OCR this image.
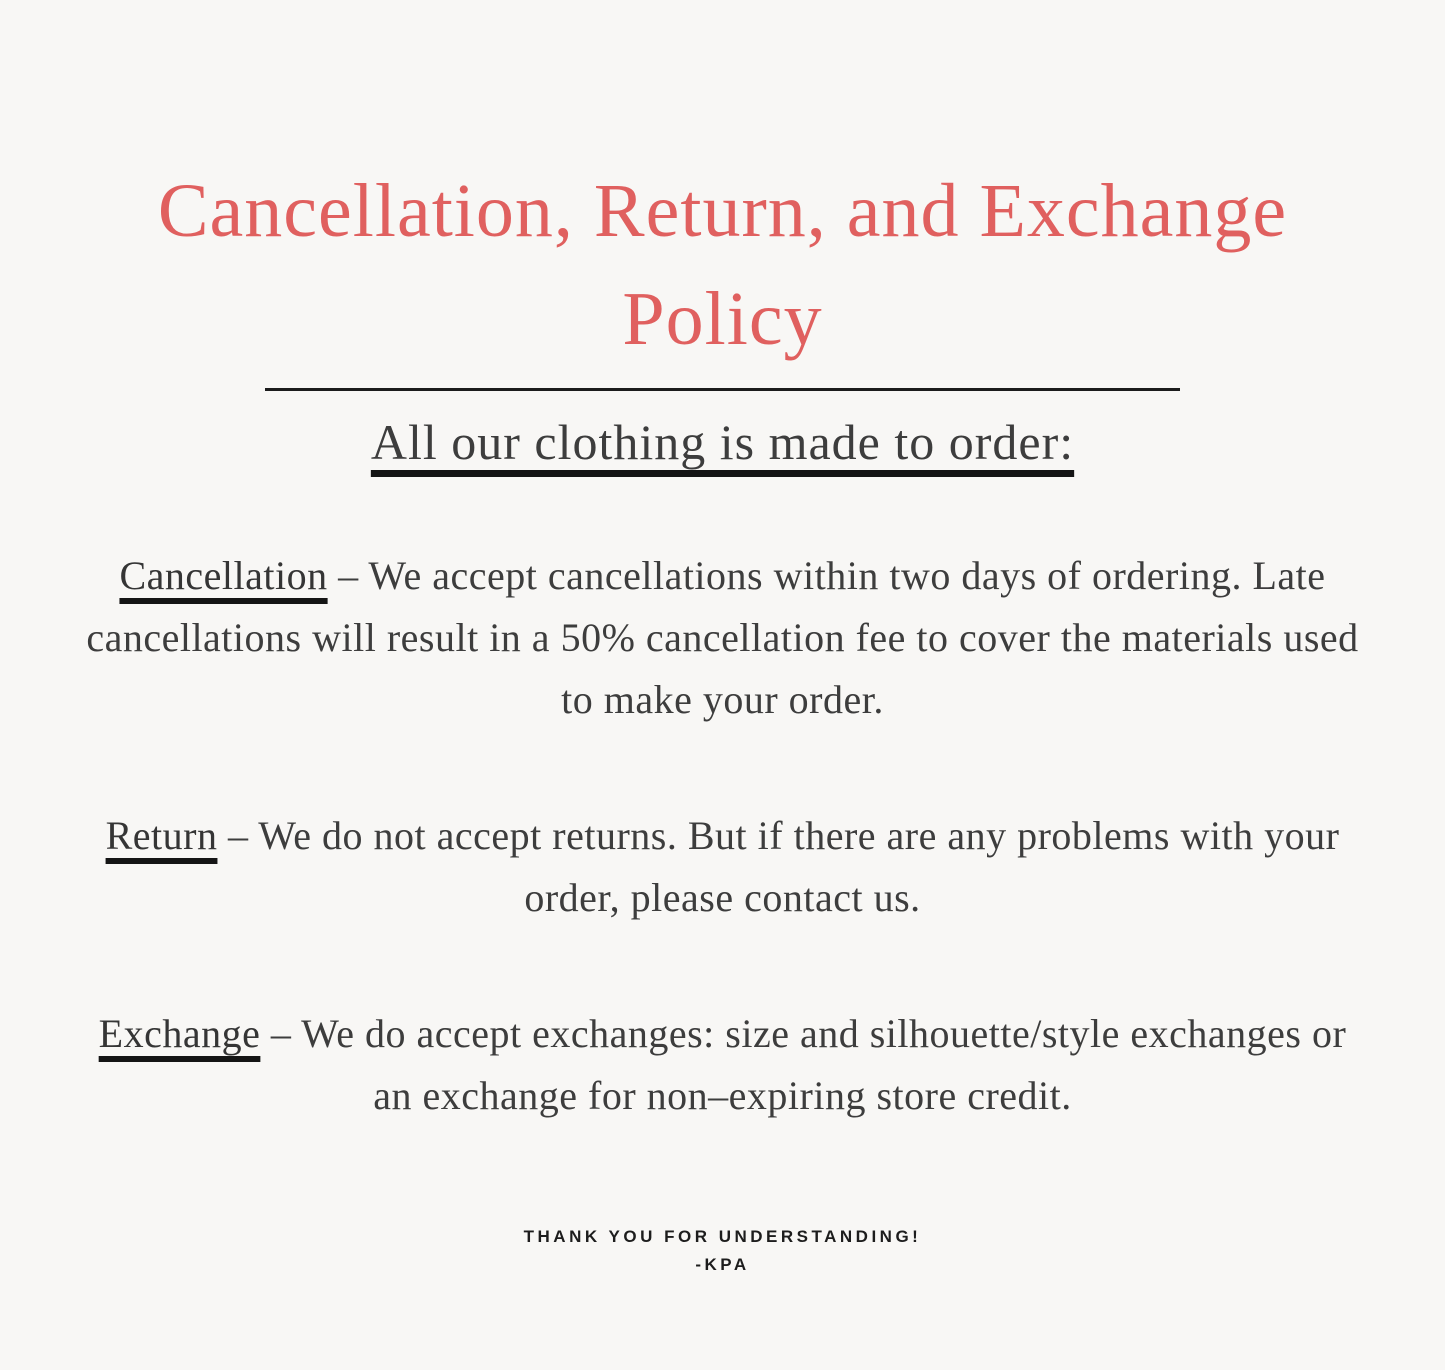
Cancellation, Return, and Exchange
Policy
All our clothing is made to order:

Cancellation – We accept cancellations within two days of ordering. Late cancellations will result in a 50% cancellation fee to cover the materials used to make your order.

Return – We do not accept returns. But if there are any problems with your order, please contact us.

Exchange – We do accept exchanges: size and silhouette/style exchanges or an exchange for non–expiring store credit.

THANK YOU FOR UNDERSTANDING!
-KPA
